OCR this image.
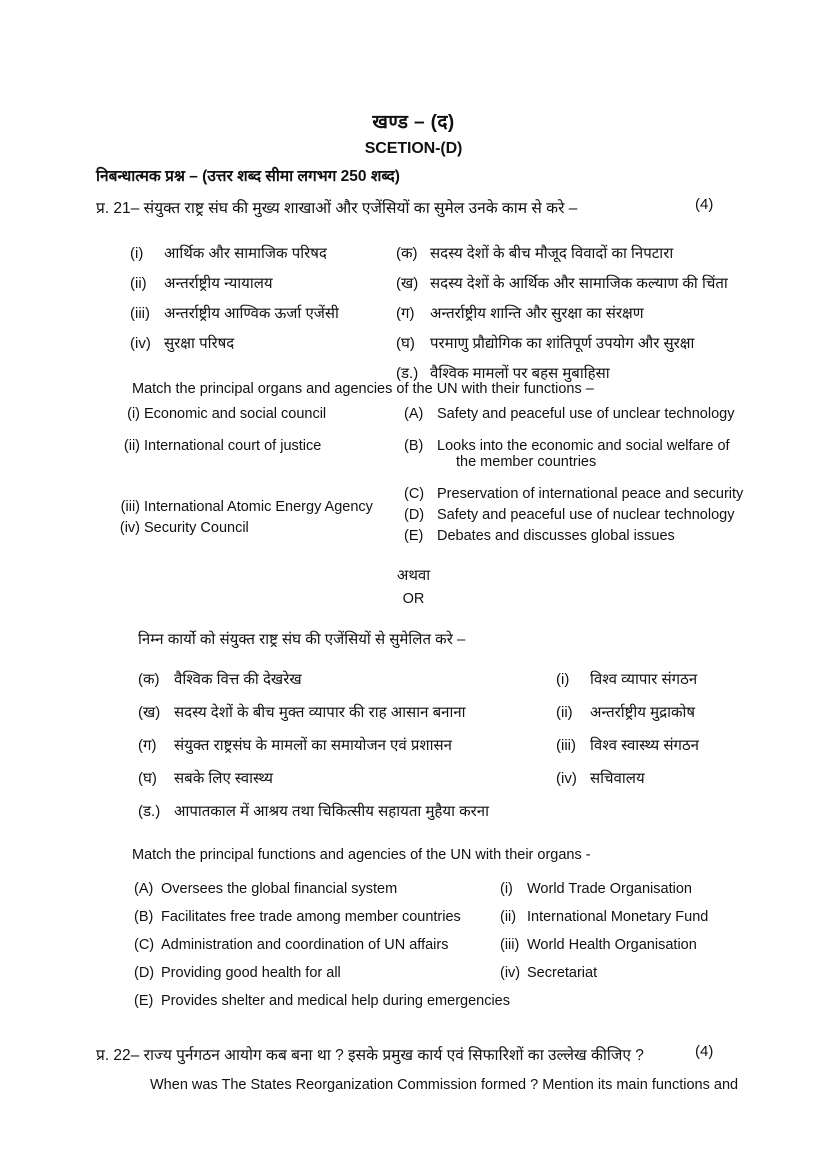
खण्ड – (द)
SCETION-(D)
निबन्धात्मक प्रश्न – (उत्तर शब्द सीमा लगभग 250 शब्द)
प्र. 21– संयुक्त राष्ट्र संघ की मुख्य शाखाओं और एजेंसियों का सुमेल उनके काम से करे –	(4)
(i) आर्थिक और सामाजिक परिषद
(ii) अन्तर्राष्ट्रीय न्यायालय
(iii) अन्तर्राष्ट्रीय आण्विक ऊर्जा एजेंसी
(iv) सुरक्षा परिषद
(क) सदस्य देशों के बीच मौजूद विवादों का निपटारा
(ख) सदस्य देशों के आर्थिक और सामाजिक कल्याण की चिंता
(ग) अन्तर्राष्ट्रीय शान्ति और सुरक्षा का संरक्षण
(घ) परमाणु प्रौद्योगिक का शांतिपूर्ण उपयोग और सुरक्षा
(ड.) वैश्विक मामलों पर बहस मुबाहिसा
Match the principal organs and agencies of the UN with their functions –
(i) Economic and social council
(ii) International court of justice
(iii) International Atomic Energy Agency
(iv) Security Council
(A) Safety and peaceful use of unclear technology
(B) Looks into the economic and social welfare of
the member countries
(C) Preservation of international peace and security
(D) Safety and peaceful use of nuclear technology
(E) Debates and discusses global issues
अथवा
OR
निम्न कार्यो को संयुक्त राष्ट्र संघ की एजेंसियों से सुमेलित करे –
(क) वैश्विक वित्त की देखरेख
(ख) सदस्य देशों के बीच मुक्त व्यापार की राह आसान बनाना
(ग) संयुक्त राष्ट्रसंघ के मामलों का समायोजन एवं प्रशासन
(घ) सबके लिए स्वास्थ्य
(ड.) आपातकाल में आश्रय तथा चिकित्सीय सहायता मुहैया करना
(i) विश्व व्यापार संगठन
(ii) अन्तर्राष्ट्रीय मुद्राकोष
(iii) विश्व स्वास्थ्य संगठन
(iv) सचिवालय
Match the principal functions and agencies of the UN with their organs -
(A) Oversees the global financial system
(B) Facilitates free trade among member countries
(C) Administration and coordination of UN affairs
(D) Providing good health for all
(E) Provides shelter and medical help during emergencies
(i) World Trade Organisation
(ii) International Monetary Fund
(iii) World Health Organisation
(iv) Secretariat
प्र. 22– राज्य पुर्नगठन आयोग कब बना था ? इसके प्रमुख कार्य एवं सिफारिशों का उल्लेख कीजिए ?	(4)
When was The States Reorganization Commission formed ? Mention its main functions and
